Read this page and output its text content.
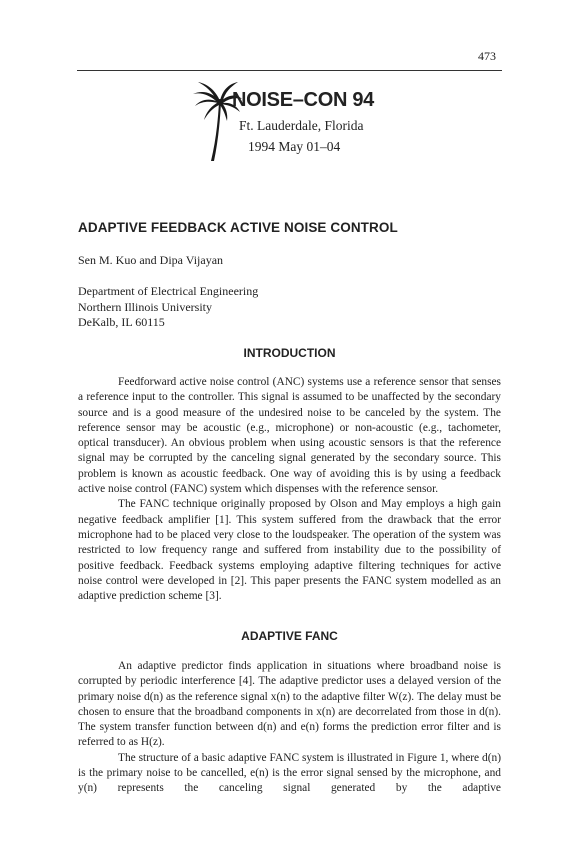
473
NOISE–CON 94
Ft. Lauderdale, Florida
1994 May 01–04
ADAPTIVE FEEDBACK ACTIVE NOISE CONTROL
Sen M. Kuo and Dipa Vijayan
Department of Electrical Engineering
Northern Illinois University
DeKalb, IL 60115
INTRODUCTION

Feedforward active noise control (ANC) systems use a reference sensor that senses a reference input to the controller. This signal is assumed to be unaffected by the secondary source and is a good measure of the undesired noise to be canceled by the system. The reference sensor may be acoustic (e.g., microphone) or non-acoustic (e.g., tachometer, optical transducer). An obvious problem when using acoustic sensors is that the reference signal may be corrupted by the canceling signal generated by the secondary source. This problem is known as acoustic feedback. One way of avoiding this is by using a feedback active noise control (FANC) system which dispenses with the reference sensor.

The FANC technique originally proposed by Olson and May employs a high gain negative feedback amplifier [1]. This system suffered from the drawback that the error microphone had to be placed very close to the loudspeaker. The operation of the system was restricted to low frequency range and suffered from instability due to the possibility of positive feedback. Feedback systems employing adaptive filtering techniques for active noise control were developed in [2]. This paper presents the FANC system modelled as an adaptive prediction scheme [3].

ADAPTIVE FANC

An adaptive predictor finds application in situations where broadband noise is corrupted by periodic interference [4]. The adaptive predictor uses a delayed version of the primary noise d(n) as the reference signal x(n) to the adaptive filter W(z). The delay must be chosen to ensure that the broadband components in x(n) are decorrelated from those in d(n). The system transfer function between d(n) and e(n) forms the prediction error filter and is referred to as H(z).

The structure of a basic adaptive FANC system is illustrated in Figure 1, where d(n) is the primary noise to be cancelled, e(n) is the error signal sensed by the microphone, and y(n) represents the canceling signal generated by the adaptive
